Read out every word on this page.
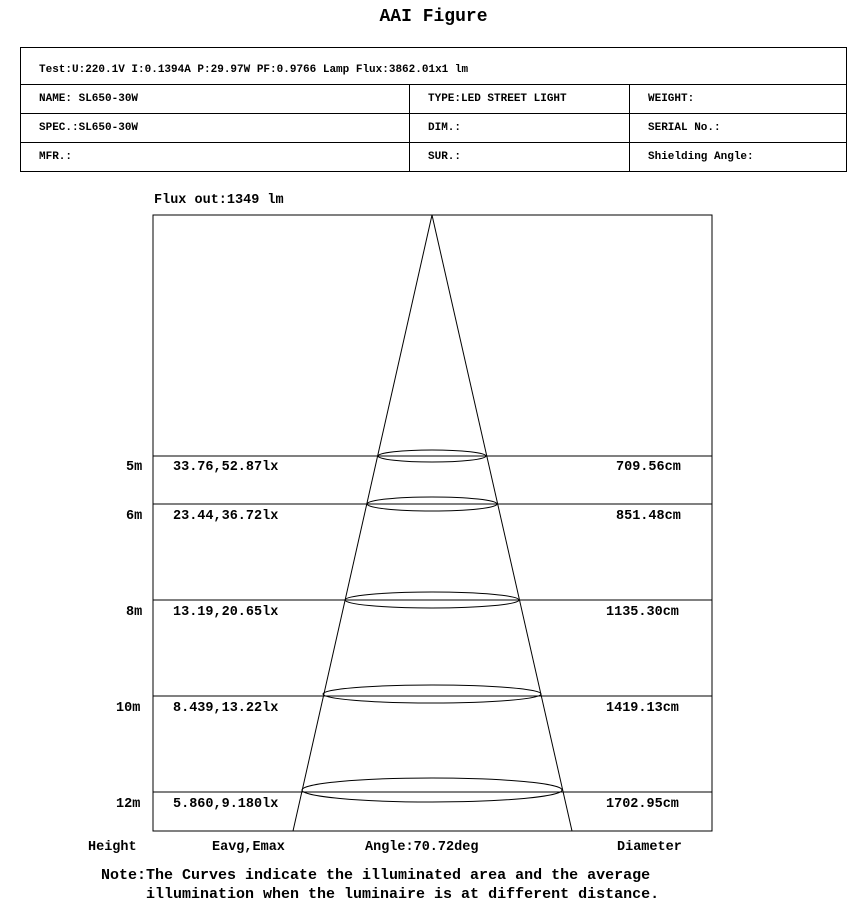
AAI Figure
Test:U:220.1V I:0.1394A P:29.97W PF:0.9766 Lamp Flux:3862.01x1 lm		
NAME: SL650-30W	TYPE:LED STREET LIGHT	WEIGHT:
SPEC.:SL650-30W	DIM.:	SERIAL No.:
MFR.:	SUR.:	Shielding Angle:
Flux out:1349 lm
5m 33.76,52.87lx	709.56cm
6m 23.44,36.72lx	851.48cm
8m 13.19,20.65lx	1135.30cm
10m 8.439,13.22lx	1419.13cm
12m 5.860,9.180lx	1702.95cm
Height	Eavg,Emax	Angle:70.72deg	Diameter
Note:The Curves indicate the illuminated area and the average
illumination when the luminaire is at different distance.
